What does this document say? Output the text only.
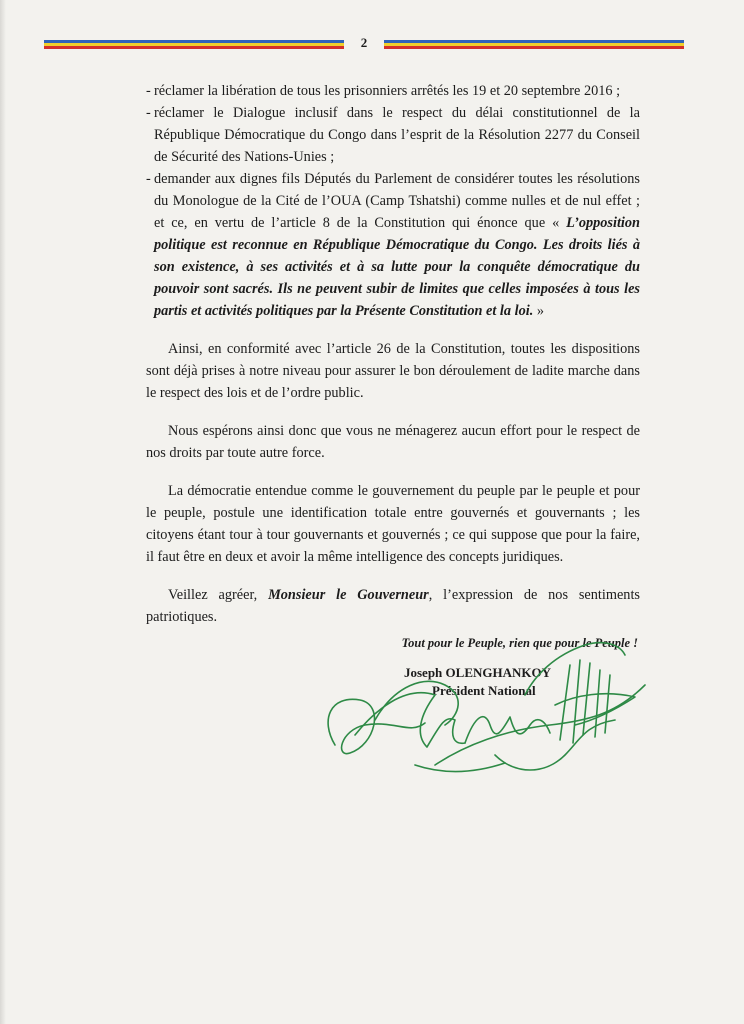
2

- réclamer la libération de tous les prisonniers arrêtés les 19 et 20 septembre 2016 ;

- réclamer le Dialogue inclusif dans le respect du délai constitutionnel de la République Démocratique du Congo dans l’esprit de la Résolution 2277 du Conseil de Sécurité des Nations-Unies ;

- demander aux dignes fils Députés du Parlement de considérer toutes les résolutions du Monologue de la Cité de l’OUA (Camp Tshatshi) comme nulles et de nul effet ; et ce, en vertu de l’article 8 de la Constitution qui énonce que « L’opposition politique est reconnue en République Démocratique du Congo. Les droits liés à son existence, à ses activités et à sa lutte pour la conquête démocratique du pouvoir sont sacrés. Ils ne peuvent subir de limites que celles imposées à tous les partis et activités politiques par la Présente Constitution et la loi. »

Ainsi, en conformité avec l’article 26 de la Constitution, toutes les dispositions sont déjà prises à notre niveau pour assurer le bon déroulement de ladite marche dans le respect des lois et de l’ordre public.

Nous espérons ainsi donc que vous ne ménagerez aucun effort pour le respect de nos droits par toute autre force.

La démocratie entendue comme le gouvernement du peuple par le peuple et pour le peuple, postule une identification totale entre gouvernés et gouvernants ; les citoyens étant tour à tour gouvernants et gouvernés ; ce qui suppose que pour la faire, il faut être en deux et avoir la même intelligence des concepts juridiques.

Veillez agréer, Monsieur le Gouverneur, l’expression de nos sentiments patriotiques.

Tout pour le Peuple, rien que pour le Peuple !
Joseph OLENGHANKOY
Président National
